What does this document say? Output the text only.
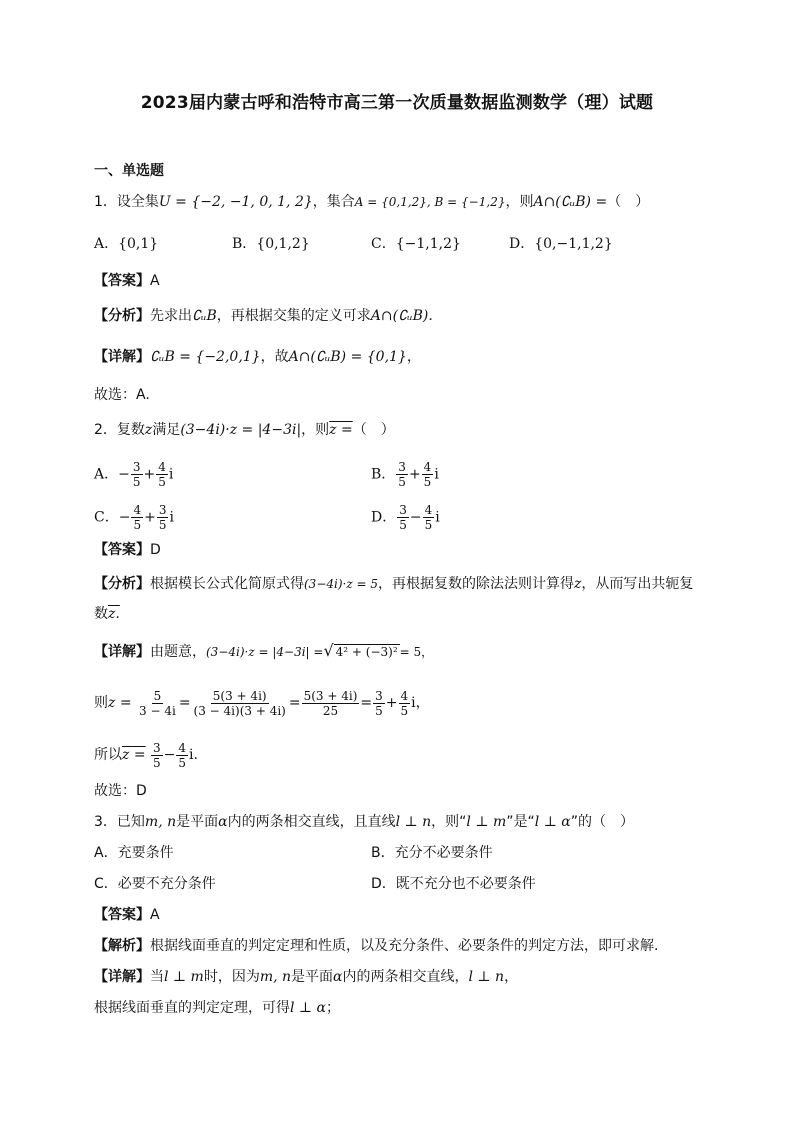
2023届内蒙古呼和浩特市高三第一次质量数据监测数学（理）试题
一、单选题
1．设全集U = {−2, −1, 0, 1, 2}，集合A = {0,1,2}, B = {−1,2}，则A∩(∁ᵤB) =（　）
A．{0,1}	B．{0,1,2}	C．{−1,1,2}	D．{0,−1,1,2}
【答案】A
【分析】先求出∁ᵤB，再根据交集的定义可求A∩(∁ᵤB).
【详解】∁ᵤB = {−2,0,1}，故A∩(∁ᵤB) = {0,1}，
故选：A.
2．复数z满足(3−4i)·z = |4−3i|，则z =（　）
A．− $\frac{3}{5} + \frac{4}{5}$ i	B． $\frac{3}{5} + \frac{4}{5}$ i
C．− $\frac{4}{5} + \frac{3}{5}$ i	D． $\frac{3}{5} - \frac{4}{5}$ i
【答案】D
【分析】根据模长公式化简原式得(3−4i)·z = 5，再根据复数的除法法则计算得z，从而写出共轭复
数z.
【详解】由题意，(3−4i)·z = |4−3i| =√ 4² + (−3)² = 5，
则$z = \frac{5}{3 - 4i} = \frac{5(3 + 4i)}{(3 - 4i)(3 + 4i)} = \frac{5(3 + 4i)}{25} = \frac{3}{5} + \frac{4}{5}$ i，
所以$z = \frac{3}{5} - \frac{4}{5} i$.
故选：D
3．已知m, n是平面α内的两条相交直线，且直线l ⊥ n，则“l ⊥ m”是“l ⊥ α”的（　）
A．充要条件	B．充分不必要条件
C．必要不充分条件	D．既不充分也不必要条件
【答案】A
【解析】根据线面垂直的判定定理和性质，以及充分条件、必要条件的判定方法，即可求解.
【详解】当l ⊥ m时，因为m, n是平面α内的两条相交直线，l ⊥ n，
根据线面垂直的判定定理，可得l ⊥ α；
